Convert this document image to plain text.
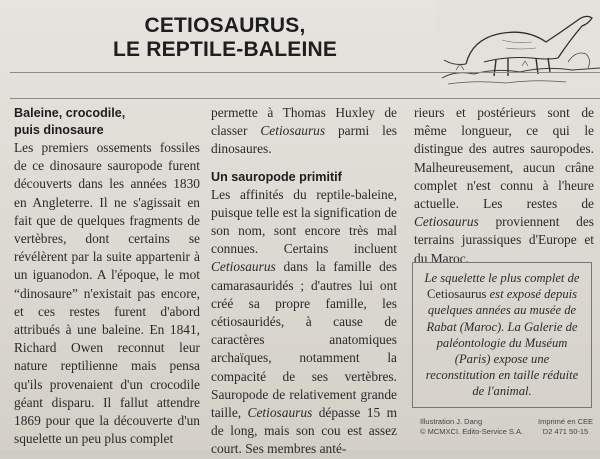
CETIOSAURUS,
LE REPTILE-BALEINE
Baleine, crocodile,
puis dinosaure

Les premiers ossements fossiles de ce dinosaure sauropode furent découverts dans les années 1830 en Angleterre. Il ne s'agissait en fait que de quelques fragments de vertèbres, dont certains se révélèrent par la suite appartenir à un iguanodon. A l'époque, le mot “dinosaure” n'existait pas encore, et ces restes furent d'abord attribués à une baleine. En 1841, Richard Owen reconnut leur nature reptilienne mais pensa qu'ils provenaient d'un crocodile géant disparu. Il fallut attendre 1869 pour que la découverte d'un squelette un peu plus complet

permette à Thomas Huxley de classer Cetiosaurus parmi les dinosaures.

Un sauropode primitif

Les affinités du reptile-baleine, puisque telle est la signification de son nom, sont encore très mal connues. Certains incluent Cetiosaurus dans la famille des camarasauridés ; d'autres lui ont créé sa propre famille, les cétiosauridés, à cause de caractères anatomiques archaïques, notamment la compacité de ses vertèbres. Sauropode de relativement grande taille, Cetiosaurus dépasse 15 m de long, mais son cou est assez court. Ses membres anté-

rieurs et postérieurs sont de même longueur, ce qui le distingue des autres sauropodes. Malheureusement, aucun crâne complet n'est connu à l'heure actuelle. Les restes de Cetiosaurus proviennent des terrains jurassiques d'Europe et du Maroc.

Le squelette le plus complet de Cetiosaurus est exposé depuis quelques années au musée de Rabat (Maroc). La Galerie de paléontologie du Muséum (Paris) expose une reconstitution en taille réduite de l'animal.
Illustration J. Dang
© MCMXCI. Edito-Service S.A.
Imprimé en CEE
D2 471 50-15
